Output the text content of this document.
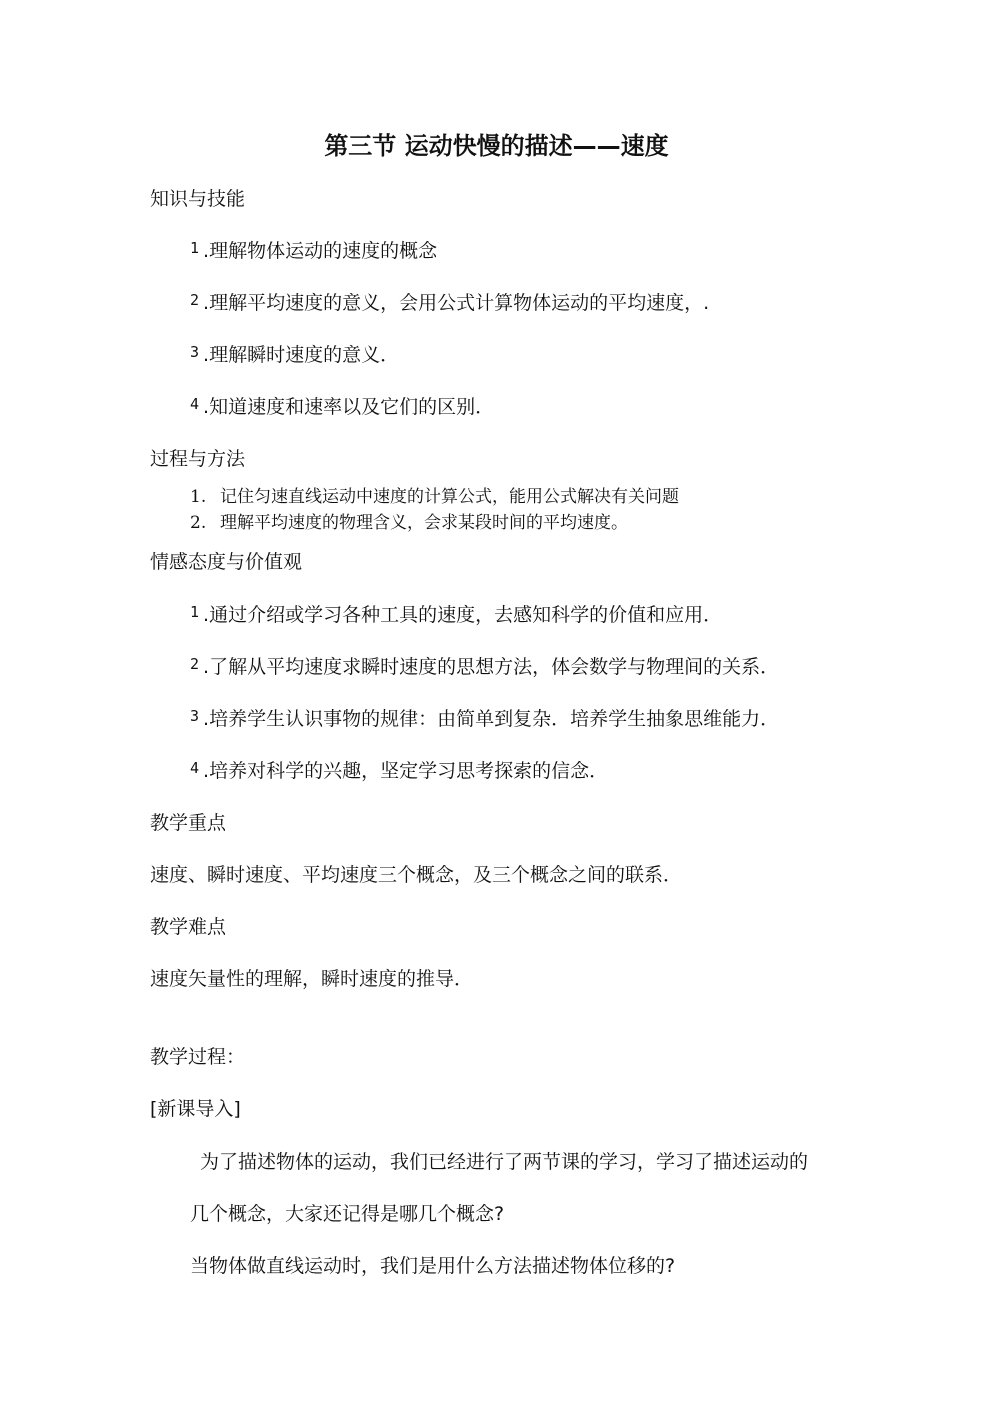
第三节 运动快慢的描述——速度
知识与技能
1 .理解物体运动的速度的概念
2 .理解平均速度的意义，会用公式计算物体运动的平均速度，.
3 .理解瞬时速度的意义．
4 .知道速度和速率以及它们的区别．
过程与方法
1. 记住匀速直线运动中速度的计算公式，能用公式解决有关问题
2. 理解平均速度的物理含义，会求某段时间的平均速度。
情感态度与价值观
1 .通过介绍或学习各种工具的速度，去感知科学的价值和应用．
2 .了解从平均速度求瞬时速度的思想方法，体会数学与物理间的关系．
3 .培养学生认识事物的规律：由简单到复杂．培养学生抽象思维能力．
4 .培养对科学的兴趣，坚定学习思考探索的信念．
教学重点
速度、瞬时速度、平均速度三个概念，及三个概念之间的联系．
教学难点
速度矢量性的理解，瞬时速度的推导．
教学过程：
[新课导入]
为了描述物体的运动，我们已经进行了两节课的学习，学习了描述运动的
几个概念，大家还记得是哪几个概念?
当物体做直线运动时，我们是用什么方法描述物体位移的?
